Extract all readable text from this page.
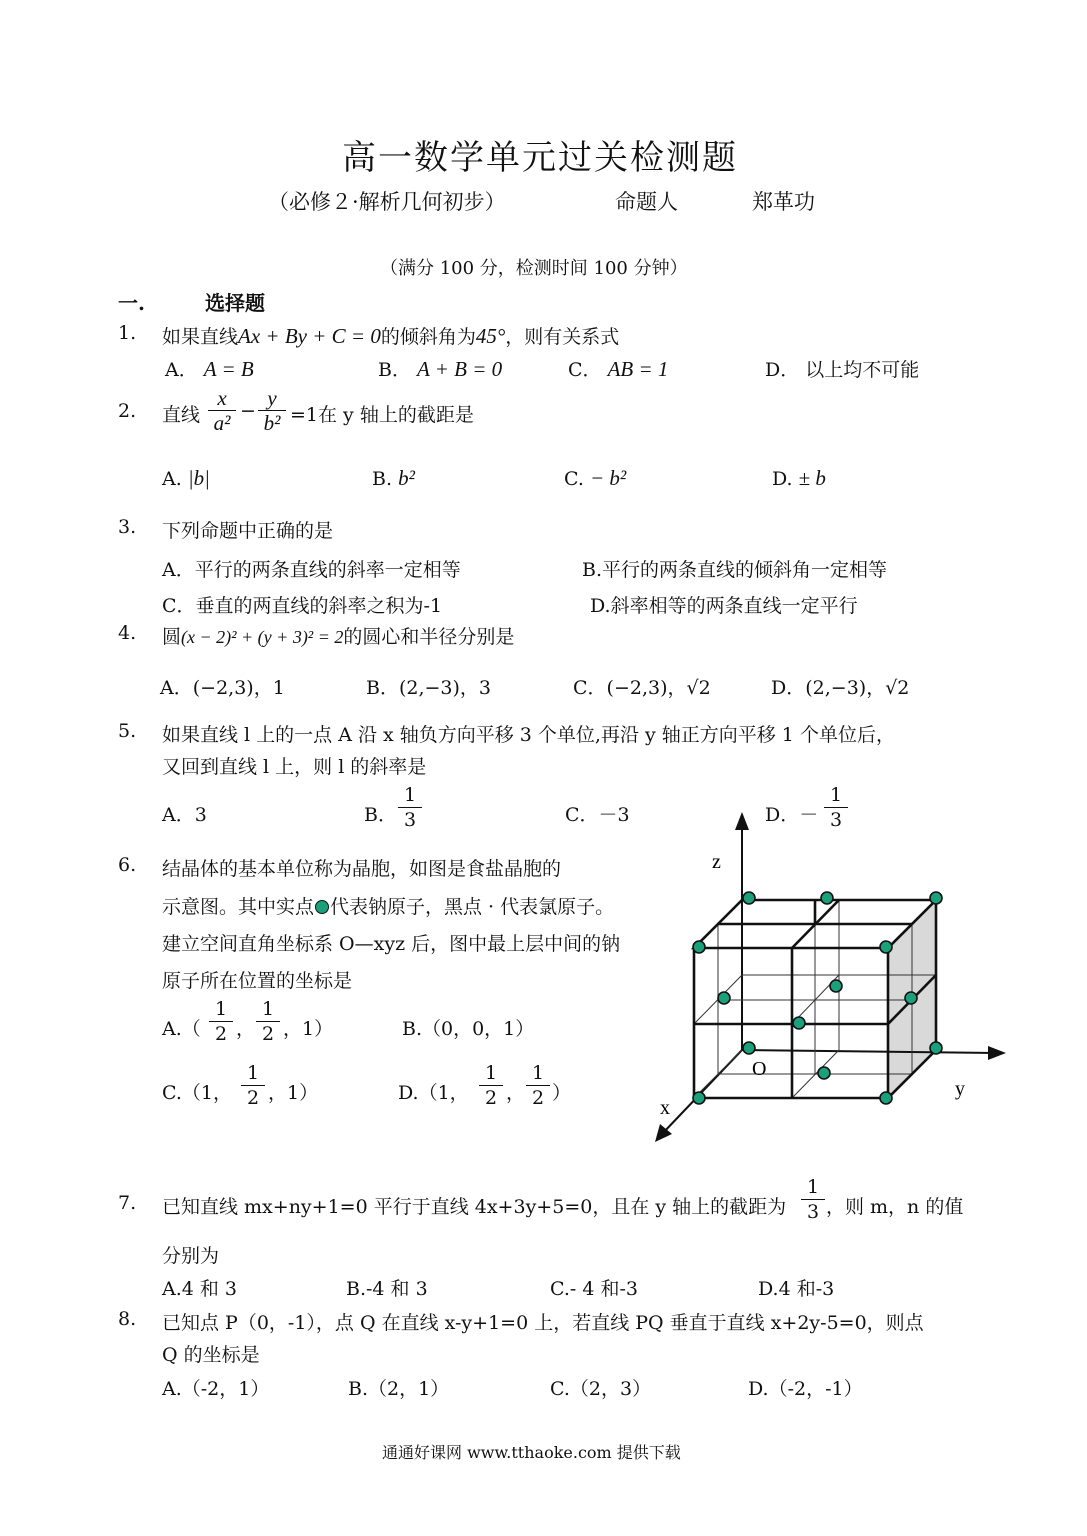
高一数学单元过关检测题
（必修２·解析几何初步）	命题人	郑革功
（满分 100 分，检测时间 100 分钟）
一.	选择题
1. 如果直线Ax + By + C = 0的倾斜角为45°，则有关系式
A． A = B	B． A + B = 0	C． AB = 1	D． 以上均不可能
2. 直线
x
a² −
y
b² =1在 y 轴上的截距是
A. |b|	B. b²	C. − b²	D. ± b
3. 下列命题中正确的是
A．平行的两条直线的斜率一定相等	B.平行的两条直线的倾斜角一定相等
C．垂直的两直线的斜率之积为-1	D.斜率相等的两条直线一定平行
4. 圆(x − 2)² + (y + 3)² = 2的圆心和半径分别是
A．(−2,3)，1	B．(2,−3)，3	C．(−2,3)，√2	D．(2,−3)，√2
5. 如果直线 l 上的一点 A 沿 x 轴负方向平移 3 个单位,再沿 y 轴正方向平移 1 个单位后，
又回到直线 l 上，则 l 的斜率是
A．3	B．
1
3	C．－3	D．－
1
3
6. 结晶体的基本单位称为晶胞，如图是食盐晶胞的
示意图。其中实点 代表钠原子，黑点 · 代表氯原子。
建立空间直角坐标系 O—xyz 后，图中最上层中间的钠
原子所在位置的坐标是
A.（
1
2 ，
1
2 ，1）	B.（0，0，1）
C.（1，
1
2 ，1）	D.（1，
1
2 ，
1
2 ）
z
y
x
O
7. 已知直线 mx+ny+1=0 平行于直线 4x+3y+5=0，且在 y 轴上的截距为
1
3 ，则 m，n 的值
分别为
A.4 和 3	B.-4 和 3	C.- 4 和-3	D.4 和-3
8. 已知点 P（0，-1），点 Q 在直线 x-y+1=0 上，若直线 PQ 垂直于直线 x+2y-5=0，则点
Q 的坐标是
A.（-2，1）	B.（2，1）	C.（2，3）	D.（-2，-1）
通通好课网 www.tthaoke.com 提供下载
